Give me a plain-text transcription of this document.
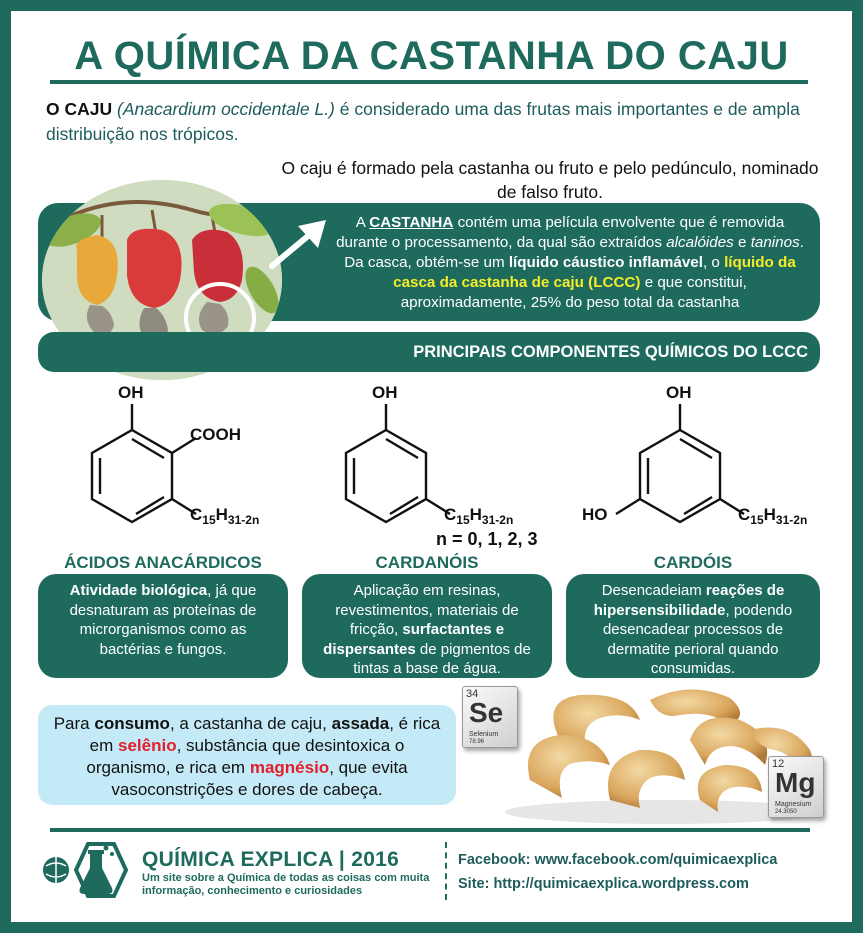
A QUÍMICA DA CASTANHA DO CAJU
O CAJU (Anacardium occidentale L.) é considerado uma das frutas mais importantes e de ampla distribuição nos trópicos.
O caju é formado pela castanha ou fruto e pelo pedúnculo, nominado de falso fruto.
A CASTANHA contém uma película envolvente que é removida durante o processamento, da qual são extraídos alcalóides e taninos. Da casca, obtém-se um líquido cáustico inflamável, o líquido da casca da castanha de caju (LCCC) e que constitui, aproximadamente, 25% do peso total da castanha
PRINCIPAIS COMPONENTES QUÍMICOS DO LCCC
OH
COOH
$C_{15}H_{31-2n}$
OH
$C_{15}H_{31-2n}$
n = 0, 1, 2, 3
OH
HO	$C_{15}H_{31-2n}$
ÁCIDOS ANACÁRDICOS	CARDANÓIS	CARDÓIS
Atividade biológica, já que desnaturam as proteínas de microrganismos como as bactérias e fungos.
Aplicação em resinas, revestimentos, materiais de fricção, surfactantes e dispersantes de pigmentos de tintas a base de água.
Desencadeiam reações de hipersensibilidade, podendo desencadear processos de dermatite perioral quando consumidas.
Para consumo, a castanha de caju, assada, é rica em selênio, substância que desintoxica o organismo, e rica em magnésio, que evita vasoconstrições e dores de cabeça.
34
Se
Selenium
78.96
12
Mg
Magnesium
24.3050
QUÍMICA EXPLICA | 2016
Um site sobre a Química de todas as coisas com muita informação, conhecimento e curiosidades
Facebook: www.facebook.com/quimicaexplica
Site: http://quimicaexplica.wordpress.com
